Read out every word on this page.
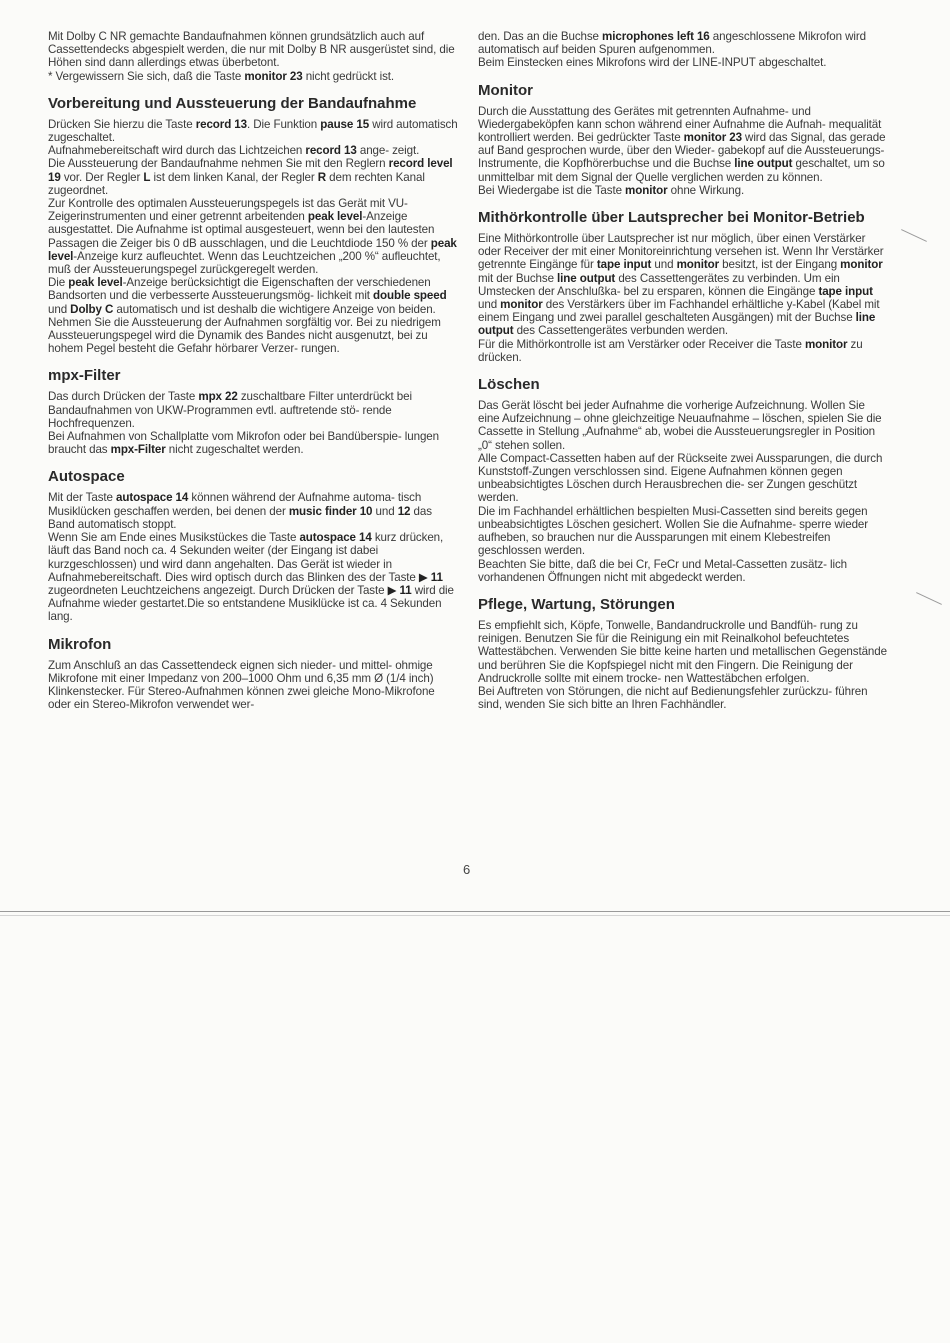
Mit Dolby C NR gemachte Bandaufnahmen können grundsätzlich auch auf Cassettendecks abgespielt werden, die nur mit Dolby B NR ausgerüstet sind, die Höhen sind dann allerdings etwas überbetont.

* Vergewissern Sie sich, daß die Taste monitor 23 nicht gedrückt ist.

Vorbereitung und Aussteuerung der Bandaufnahme

Drücken Sie hierzu die Taste record 13. Die Funktion pause 15 wird automatisch zugeschaltet.

Aufnahmebereitschaft wird durch das Lichtzeichen record 13 ange- zeigt.

Die Aussteuerung der Bandaufnahme nehmen Sie mit den Reglern record level 19 vor. Der Regler L ist dem linken Kanal, der Regler R dem rechten Kanal zugeordnet.

Zur Kontrolle des optimalen Aussteuerungspegels ist das Gerät mit VU-Zeigerinstrumenten und einer getrennt arbeitenden peak level-Anzeige ausgestattet. Die Aufnahme ist optimal ausgesteuert, wenn bei den lautesten Passagen die Zeiger bis 0 dB ausschlagen, und die Leuchtdiode 150 % der peak level-Anzeige kurz aufleuchtet. Wenn das Leuchtzeichen „200 %“ aufleuchtet, muß der Aussteuerungspegel zurückgeregelt werden.

Die peak level-Anzeige berücksichtigt die Eigenschaften der verschiedenen Bandsorten und die verbesserte Aussteuerungsmög- lichkeit mit double speed und Dolby C automatisch und ist deshalb die wichtigere Anzeige von beiden.

Nehmen Sie die Aussteuerung der Aufnahmen sorgfältig vor. Bei zu niedrigem Aussteuerungspegel wird die Dynamik des Bandes nicht ausgenutzt, bei zu hohem Pegel besteht die Gefahr hörbarer Verzer- rungen.

mpx-Filter

Das durch Drücken der Taste mpx 22 zuschaltbare Filter unterdrückt bei Bandaufnahmen von UKW-Programmen evtl. auftretende stö- rende Hochfrequenzen.

Bei Aufnahmen von Schallplatte vom Mikrofon oder bei Bandüberspie- lungen braucht das mpx-Filter nicht zugeschaltet werden.

Autospace

Mit der Taste autospace 14 können während der Aufnahme automa- tisch Musiklücken geschaffen werden, bei denen der music finder 10 und 12 das Band automatisch stoppt.

Wenn Sie am Ende eines Musikstückes die Taste autospace 14 kurz drücken, läuft das Band noch ca. 4 Sekunden weiter (der Eingang ist dabei kurzgeschlossen) und wird dann angehalten. Das Gerät ist wieder in Aufnahmebereitschaft. Dies wird optisch durch das Blinken des der Taste ▶ 11 zugeordneten Leuchtzeichens angezeigt. Durch Drücken der Taste ▶ 11 wird die Aufnahme wieder gestartet.Die so entstandene Musiklücke ist ca. 4 Sekunden lang.

Mikrofon

Zum Anschluß an das Cassettendeck eignen sich nieder- und mittel- ohmige Mikrofone mit einer Impedanz von 200–1000 Ohm und 6,35 mm Ø (1/4 inch) Klinkenstecker. Für Stereo-Aufnahmen können zwei gleiche Mono-Mikrofone oder ein Stereo-Mikrofon verwendet wer-

den. Das an die Buchse microphones left 16 angeschlossene Mikrofon wird automatisch auf beiden Spuren aufgenommen.

Beim Einstecken eines Mikrofons wird der LINE-INPUT abgeschaltet.

Monitor

Durch die Ausstattung des Gerätes mit getrennten Aufnahme- und Wiedergabeköpfen kann schon während einer Aufnahme die Aufnah- mequalität kontrolliert werden. Bei gedrückter Taste monitor 23 wird das Signal, das gerade auf Band gesprochen wurde, über den Wieder- gabekopf auf die Aussteuerungs-Instrumente, die Kopfhörerbuchse und die Buchse line output geschaltet, um so unmittelbar mit dem Signal der Quelle verglichen werden zu können.

Bei Wiedergabe ist die Taste monitor ohne Wirkung.

Mithörkontrolle über Lautsprecher bei Monitor-Betrieb

Eine Mithörkontrolle über Lautsprecher ist nur möglich, über einen Verstärker oder Receiver der mit einer Monitoreinrichtung versehen ist. Wenn Ihr Verstärker getrennte Eingänge für tape input und monitor besitzt, ist der Eingang monitor mit der Buchse line output des Cassettengerätes zu verbinden. Um ein Umstecken der Anschlußka- bel zu ersparen, können die Eingänge tape input und monitor des Verstärkers über im Fachhandel erhältliche y-Kabel (Kabel mit einem Eingang und zwei parallel geschalteten Ausgängen) mit der Buchse line output des Cassettengerätes verbunden werden.

Für die Mithörkontrolle ist am Verstärker oder Receiver die Taste monitor zu drücken.

Löschen

Das Gerät löscht bei jeder Aufnahme die vorherige Aufzeichnung. Wollen Sie eine Aufzeichnung – ohne gleichzeitige Neuaufnahme – löschen, spielen Sie die Cassette in Stellung „Aufnahme“ ab, wobei die Aussteuerungsregler in Position „0“ stehen sollen.

Alle Compact-Cassetten haben auf der Rückseite zwei Aussparungen, die durch Kunststoff-Zungen verschlossen sind. Eigene Aufnahmen können gegen unbeabsichtigtes Löschen durch Herausbrechen die- ser Zungen geschützt werden.

Die im Fachhandel erhältlichen bespielten Musi-Cassetten sind bereits gegen unbeabsichtigtes Löschen gesichert. Wollen Sie die Aufnahme- sperre wieder aufheben, so brauchen nur die Aussparungen mit einem Klebestreifen geschlossen werden.

Beachten Sie bitte, daß die bei Cr, FeCr und Metal-Cassetten zusätz- lich vorhandenen Öffnungen nicht mit abgedeckt werden.

Pflege, Wartung, Störungen

Es empfiehlt sich, Köpfe, Tonwelle, Bandandruckrolle und Bandfüh- rung zu reinigen. Benutzen Sie für die Reinigung ein mit Reinalkohol befeuchtetes Wattestäbchen. Verwenden Sie bitte keine harten und metallischen Gegenstände und berühren Sie die Kopfspiegel nicht mit den Fingern. Die Reinigung der Andruckrolle sollte mit einem trocke- nen Wattestäbchen erfolgen.

Bei Auftreten von Störungen, die nicht auf Bedienungsfehler zurückzu- führen sind, wenden Sie sich bitte an Ihren Fachhändler.

6
